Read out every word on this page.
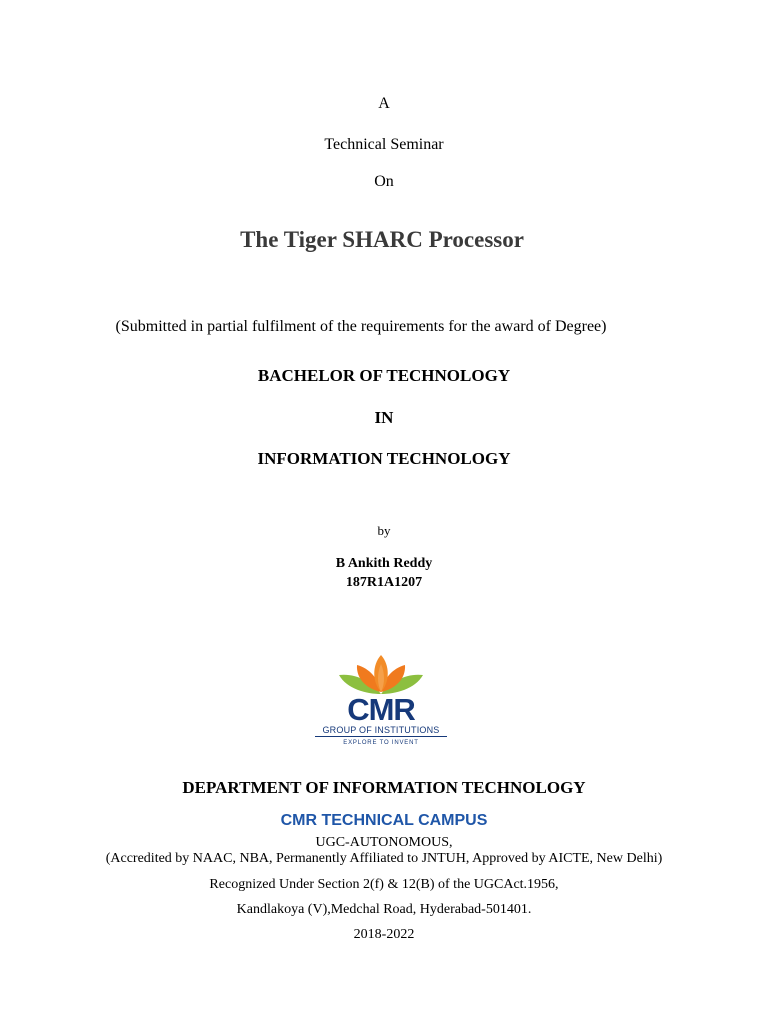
A
Technical Seminar
On
The Tiger SHARC Processor
(Submitted in partial fulfilment of the requirements for the award of Degree)
BACHELOR OF TECHNOLOGY
IN
INFORMATION TECHNOLOGY
by
B Ankith Reddy
187R1A1207
CMR
GROUP OF INSTITUTIONS
EXPLORE TO INVENT
DEPARTMENT OF INFORMATION TECHNOLOGY
CMR TECHNICAL CAMPUS
UGC-AUTONOMOUS,
(Accredited by NAAC, NBA, Permanently Affiliated to JNTUH, Approved by AICTE, New Delhi)
Recognized Under Section 2(f) & 12(B) of the UGCAct.1956,
Kandlakoya (V),Medchal Road, Hyderabad-501401.
2018-2022
